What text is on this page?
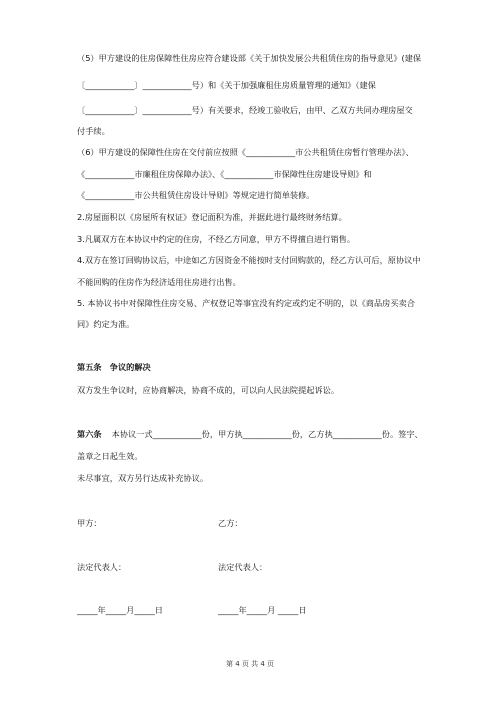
（5）甲方建设的住房保障性住房应符合建设部《关于加快发展公共租赁住房的指导意见》(建保
〔____________〕____________号）和《关于加强廉租住房质量管理的通知》（建保
〔____________〕____________号）有关要求，经竣工验收后，由甲、乙双方共同办理房屋交
付手续。
（6）甲方建设的保障性住房在交付前应按照《____________市公共租赁住房暂行管理办法》、
《____________市廉租住房保障办法》、《____________市保障性住房建设导则》和
《____________市公共租赁住房设计导则》等规定进行简单装修。
2.房屋面积以《房屋所有权证》登记面积为准，并据此进行最终财务结算。
3.凡属双方在本协议中约定的住房，不经乙方同意，甲方不得擅自进行销售。
4.双方在签订回购协议后，中途如乙方因资金不能按时支付回购款的，经乙方认可后，原协议中
不能回购的住房作为经济适用住房进行出售。
5. 本协议书中对保障性住房交易、产权登记等事宜没有约定或约定不明的，以《商品房买卖合
同》约定为准。
第五条　争议的解决
双方发生争议时，应协商解决，协商不成的，可以向人民法院提起诉讼。
第六条 本协议一式____________份，甲方执____________份，乙方执____________份。签字、
盖章之日起生效。
未尽事宜，双方另行达成补充协议。
甲方：	乙方：
法定代表人：	法定代表人：
_____年_____月_____日	_____年_____月 _____日
第 4 页 共 4 页
